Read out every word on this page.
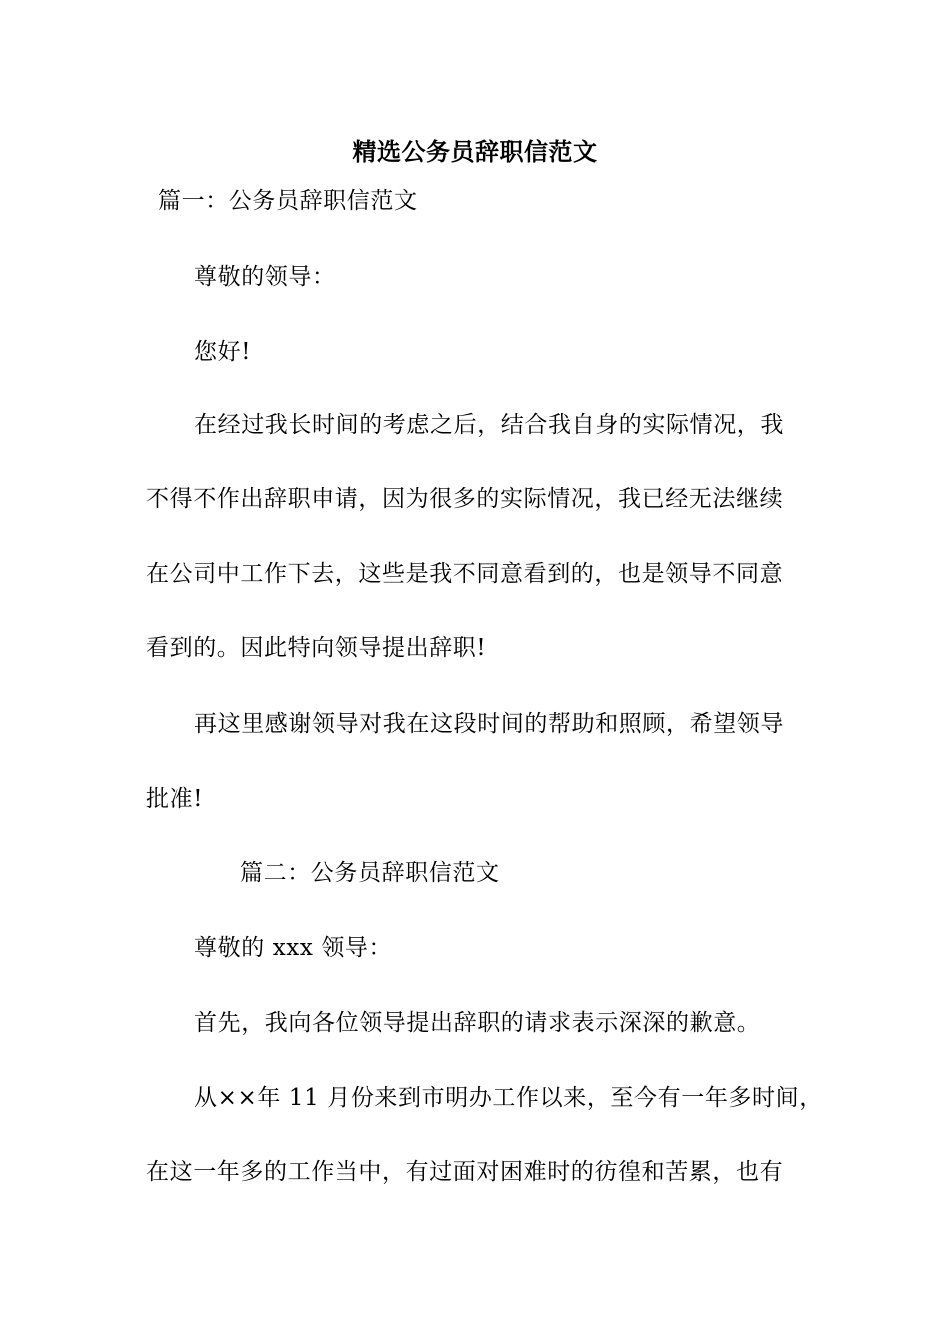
精选公务员辞职信范文
篇一：公务员辞职信范文
尊敬的领导：
您好!
在经过我长时间的考虑之后，结合我自身的实际情况，我
不得不作出辞职申请，因为很多的实际情况，我已经无法继续
在公司中工作下去，这些是我不同意看到的，也是领导不同意
看到的。因此特向领导提出辞职!
再这里感谢领导对我在这段时间的帮助和照顾，希望领导
批准!
篇二：公务员辞职信范文
尊敬的 xxx 领导：
首先，我向各位领导提出辞职的请求表示深深的歉意。
从××年 11 月份来到市明办工作以来，至今有一年多时间，
在这一年多的工作当中，有过面对困难时的彷徨和苦累，也有
